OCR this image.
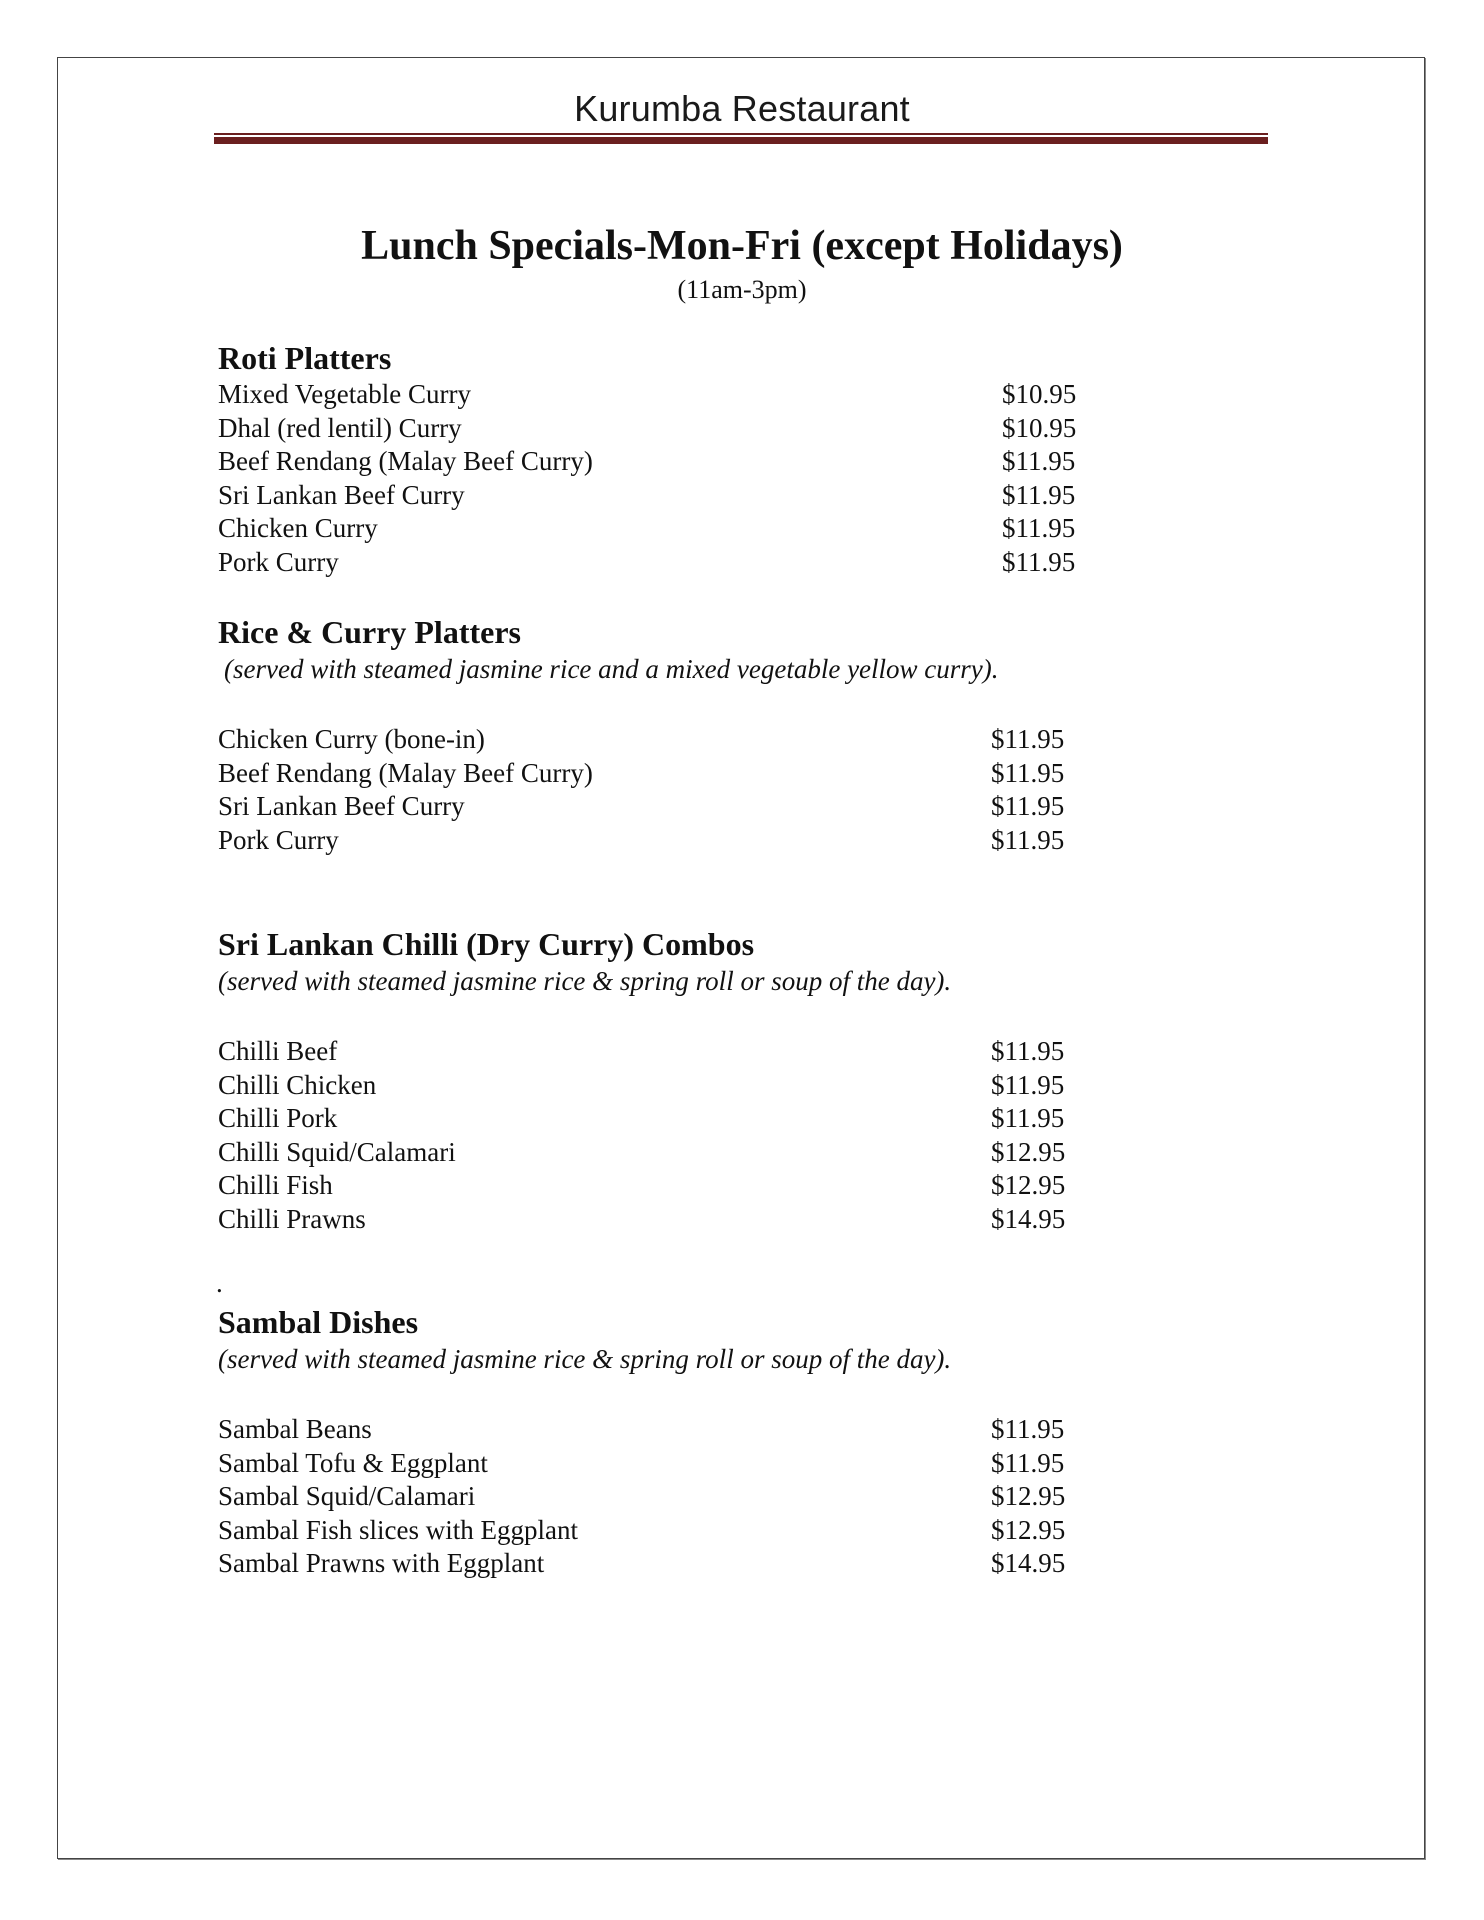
Kurumba Restaurant
Lunch Specials-Mon-Fri (except Holidays)
(11am-3pm)
Roti Platters
Mixed Vegetable Curry	$10.95
Dhal (red lentil) Curry	$10.95
Beef Rendang (Malay Beef Curry)	$11.95
Sri Lankan Beef Curry	$11.95
Chicken Curry	$11.95
Pork Curry	$11.95
Rice & Curry Platters
(served with steamed jasmine rice and a mixed vegetable yellow curry).
Chicken Curry (bone-in)	$11.95
Beef Rendang (Malay Beef Curry)	$11.95
Sri Lankan Beef Curry	$11.95
Pork Curry	$11.95
Sri Lankan Chilli (Dry Curry) Combos
(served with steamed jasmine rice & spring roll or soup of the day).
Chilli Beef	$11.95
Chilli Chicken	$11.95
Chilli Pork	$11.95
Chilli Squid/Calamari	$12.95
Chilli Fish	$12.95
Chilli Prawns	$14.95
.
Sambal Dishes
(served with steamed jasmine rice & spring roll or soup of the day).
Sambal Beans	$11.95
Sambal Tofu & Eggplant	$11.95
Sambal Squid/Calamari	$12.95
Sambal Fish slices with Eggplant	$12.95
Sambal Prawns with Eggplant	$14.95
